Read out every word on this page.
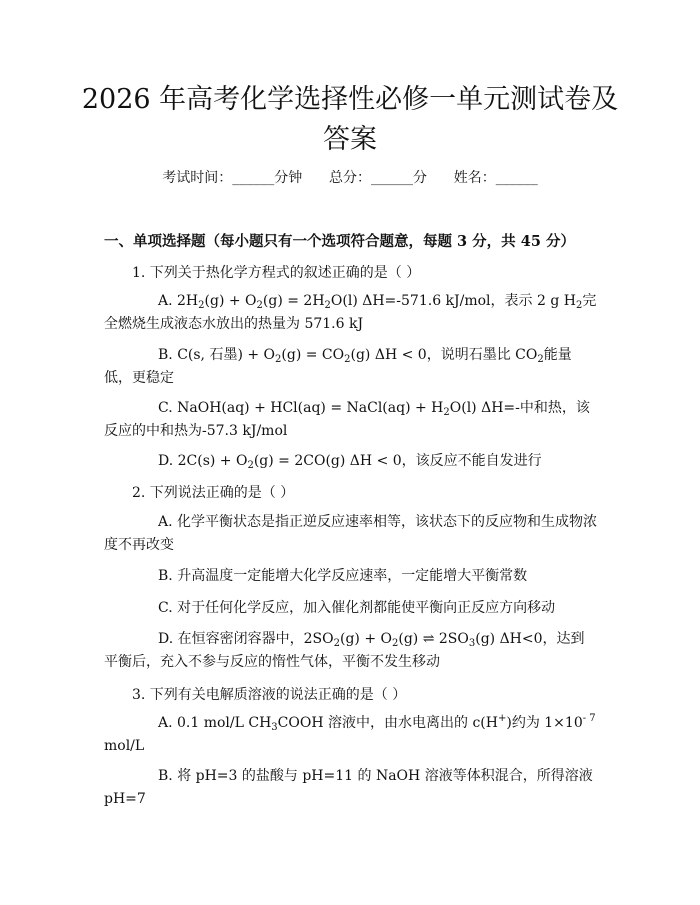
2026 年高考化学选择性必修一单元测试卷及
答案
考试时间：______分钟 总分：______分 姓名：______
一、单项选择题（每小题只有一个选项符合题意，每题 3 分，共 45 分）
1. 下列关于热化学方程式的叙述正确的是（ ）
A. $2H_2(g) + O_2(g) = 2H_2O(l)$ ΔH=-571.6 kJ/mol，表示 2 g $H_2$完全燃烧生成液态水放出的热量为 571.6 kJ
B. C(s, 石墨) + $O_2(g) = CO_2(g) \Delta H < 0$，说明石墨比 $CO_2$能量低，更稳定
C. NaOH(aq) + HCl(aq) = NaCl(aq) + $H_2O(l)$ ΔH=-中和热，该反应的中和热为-57.3 kJ/mol
D. $2C(s) + O_2(g) = 2CO(g) \Delta H < 0$，该反应不能自发进行
2. 下列说法正确的是（ ）
A. 化学平衡状态是指正逆反应速率相等，该状态下的反应物和生成物浓度不再改变
B. 升高温度一定能增大化学反应速率，一定能增大平衡常数
C. 对于任何化学反应，加入催化剂都能使平衡向正反应方向移动
D. 在恒容密闭容器中，$2SO_2(g) + O_2(g)$ ⇌ $2SO_3(g)$ ΔH<0，达到平衡后，充入不参与反应的惰性气体，平衡不发生移动
3. 下列有关电解质溶液的说法正确的是（ ）
A. 0.1 mol/L $CH_3COOH$ 溶液中，由水电离出的 c(H+)约为 $1\times 10^{- 7}$ mol/L
B. 将 pH=3 的盐酸与 pH=11 的 NaOH 溶液等体积混合，所得溶液 pH=7
